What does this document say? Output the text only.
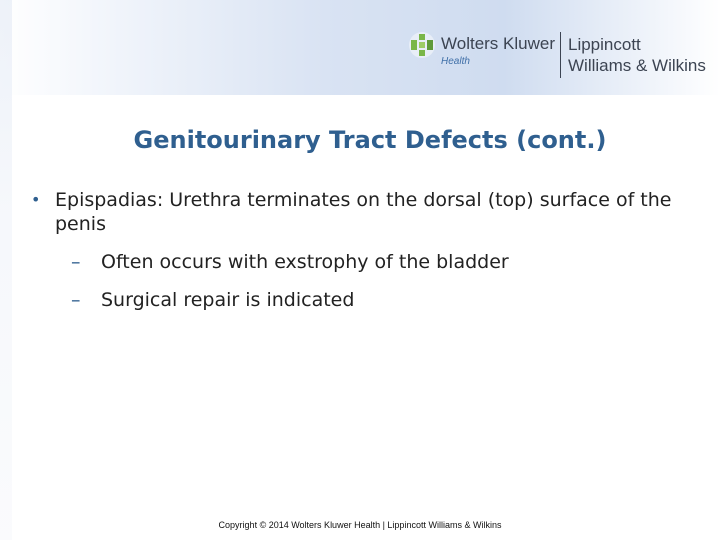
Wolters Kluwer
Health
Lippincott
Williams & Wilkins
Genitourinary Tract Defects (cont.)
• Epispadias: Urethra terminates on the dorsal (top) surface of the penis
– Often occurs with exstrophy of the bladder
– Surgical repair is indicated
Copyright © 2014 Wolters Kluwer Health | Lippincott Williams & Wilkins
